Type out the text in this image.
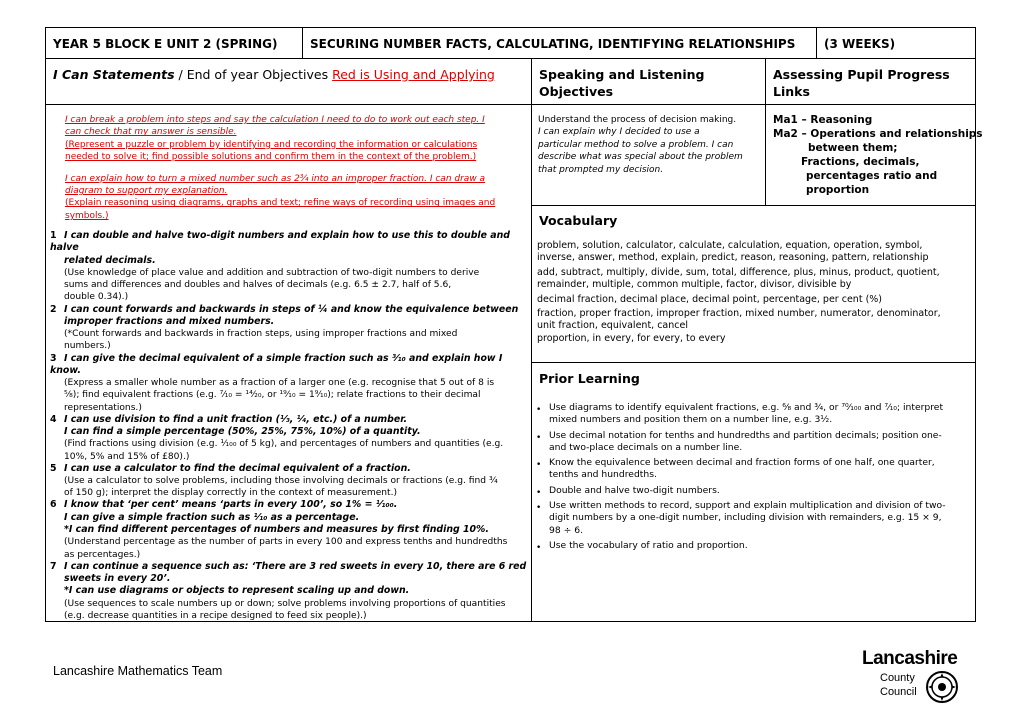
YEAR 5 BLOCK E UNIT 2 (SPRING)	SECURING NUMBER FACTS, CALCULATING, IDENTIFYING RELATIONSHIPS (3 WEEKS)
I Can Statements / End of year Objectives Red is Using and Applying	Speaking and Listening
Objectives
Assessing Pupil Progress
Links
I can break a problem into steps and say the calculation I need to do to work out each step. I
can check that my answer is sensible.
(Represent a puzzle or problem by identifying and recording the information or calculations
needed to solve it; find possible solutions and confirm them in the context of the problem.)
I can explain how to turn a mixed number such as 2³⁄₄ into an improper fraction. I can draw a
diagram to support my explanation.
(Explain reasoning using diagrams, graphs and text; refine ways of recording using images and
symbols.)
1 I can double and halve two-digit numbers and explain how to use this to double and halve
related decimals.
(Use knowledge of place value and addition and subtraction of two-digit numbers to derive
sums and differences and doubles and halves of decimals (e.g. 6.5 ± 2.7, half of 5.6,
double 0.34).)
2 I can count forwards and backwards in steps of ¼ and know the equivalence between
improper fractions and mixed numbers.
(*Count forwards and backwards in fraction steps, using improper fractions and mixed
numbers.)
3 I can give the decimal equivalent of a simple fraction such as ³⁄₁₀ and explain how I know.
(Express a smaller whole number as a fraction of a larger one (e.g. recognise that 5 out of 8 is
⁵⁄₈); find equivalent fractions (e.g. ⁷⁄₁₀ = ¹⁴⁄₂₀, or ¹⁹⁄₁₀ = 1⁹⁄₁₀); relate fractions to their decimal
representations.)
4 I can use division to find a unit fraction (¹⁄₃, ¹⁄₄, etc.) of a number.
I can find a simple percentage (50%, 25%, 75%, 10%) of a quantity.
(Find fractions using division (e.g. ¹⁄₁₀₀ of 5 kg), and percentages of numbers and quantities (e.g.
10%, 5% and 15% of £80).)
5 I can use a calculator to find the decimal equivalent of a fraction.
(Use a calculator to solve problems, including those involving decimals or fractions (e.g. find ³⁄₄
of 150 g); interpret the display correctly in the context of measurement.)
6 I know that ‘per cent’ means ‘parts in every 100’, so 1% = ¹⁄₁₀₀.
I can give a simple fraction such as ¹⁄₁₀ as a percentage.
*I can find different percentages of numbers and measures by first finding 10%.
(Understand percentage as the number of parts in every 100 and express tenths and hundredths
as percentages.)
7 I can continue a sequence such as: ‘There are 3 red sweets in every 10, there are 6 red
sweets in every 20’.
*I can use diagrams or objects to represent scaling up and down.
(Use sequences to scale numbers up or down; solve problems involving proportions of quantities
(e.g. decrease quantities in a recipe designed to feed six people).)
Understand the process of decision making.
I can explain why I decided to use a
particular method to solve a problem. I can
describe what was special about the problem
that prompted my decision.
Ma1 – Reasoning
Ma2 – Operations and relationships
between them;
Fractions, decimals,
percentages ratio and
proportion
Vocabulary
problem, solution, calculator, calculate, calculation, equation, operation, symbol,
inverse, answer, method, explain, predict, reason, reasoning, pattern, relationship
add, subtract, multiply, divide, sum, total, difference, plus, minus, product, quotient,
remainder, multiple, common multiple, factor, divisor, divisible by
decimal fraction, decimal place, decimal point, percentage, per cent (%)
fraction, proper fraction, improper fraction, mixed number, numerator, denominator,
unit fraction, equivalent, cancel
proportion, in every, for every, to every
Prior Learning
• Use diagrams to identify equivalent fractions, e.g. ⁶⁄₈ and ³⁄₄, or ⁷⁰⁄₁₀₀ and ⁷⁄₁₀; interpret
mixed numbers and position them on a number line, e.g. 3¹⁄₂.
• Use decimal notation for tenths and hundredths and partition decimals; position one-
and two-place decimals on a number line.
• Know the equivalence between decimal and fraction forms of one half, one quarter,
tenths and hundredths.
• Double and halve two-digit numbers.
• Use written methods to record, support and explain multiplication and division of two-
digit numbers by a one-digit number, including division with remainders, e.g. 15 × 9,
98 ÷ 6.
• Use the vocabulary of ratio and proportion.
Lancashire Mathematics Team
Lancashire
County
Council
